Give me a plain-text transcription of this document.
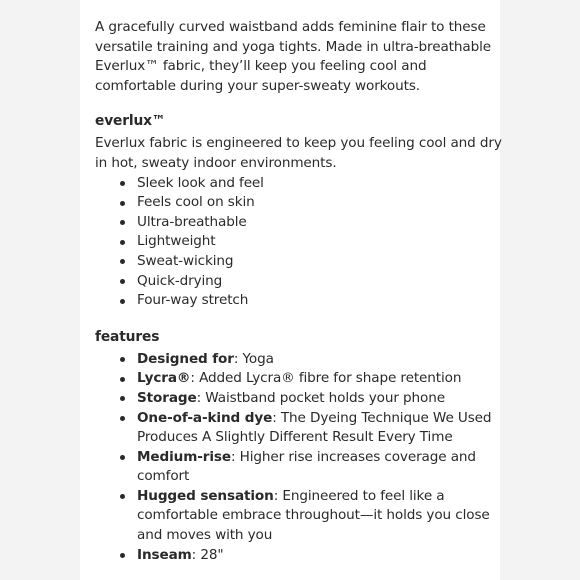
A gracefully curved waistband adds feminine flair to these versatile training and yoga tights. Made in ultra-breathable Everlux™ fabric, they’ll keep you feeling cool and comfortable during your super-sweaty workouts.

everlux™

Everlux fabric is engineered to keep you feeling cool and dry in hot, sweaty indoor environments.

Sleek look and feel
Feels cool on skin
Ultra-breathable
Lightweight
Sweat-wicking
Quick-drying
Four-way stretch
features
Designed for: Yoga
Lycra®: Added Lycra® fibre for shape retention
Storage: Waistband pocket holds your phone
One-of-a-kind dye: The Dyeing Technique We Used Produces A Slightly Different Result Every Time
Medium-rise: Higher rise increases coverage and comfort
Hugged sensation: Engineered to feel like a comfortable embrace throughout—it holds you close and moves with you
Inseam: 28"
